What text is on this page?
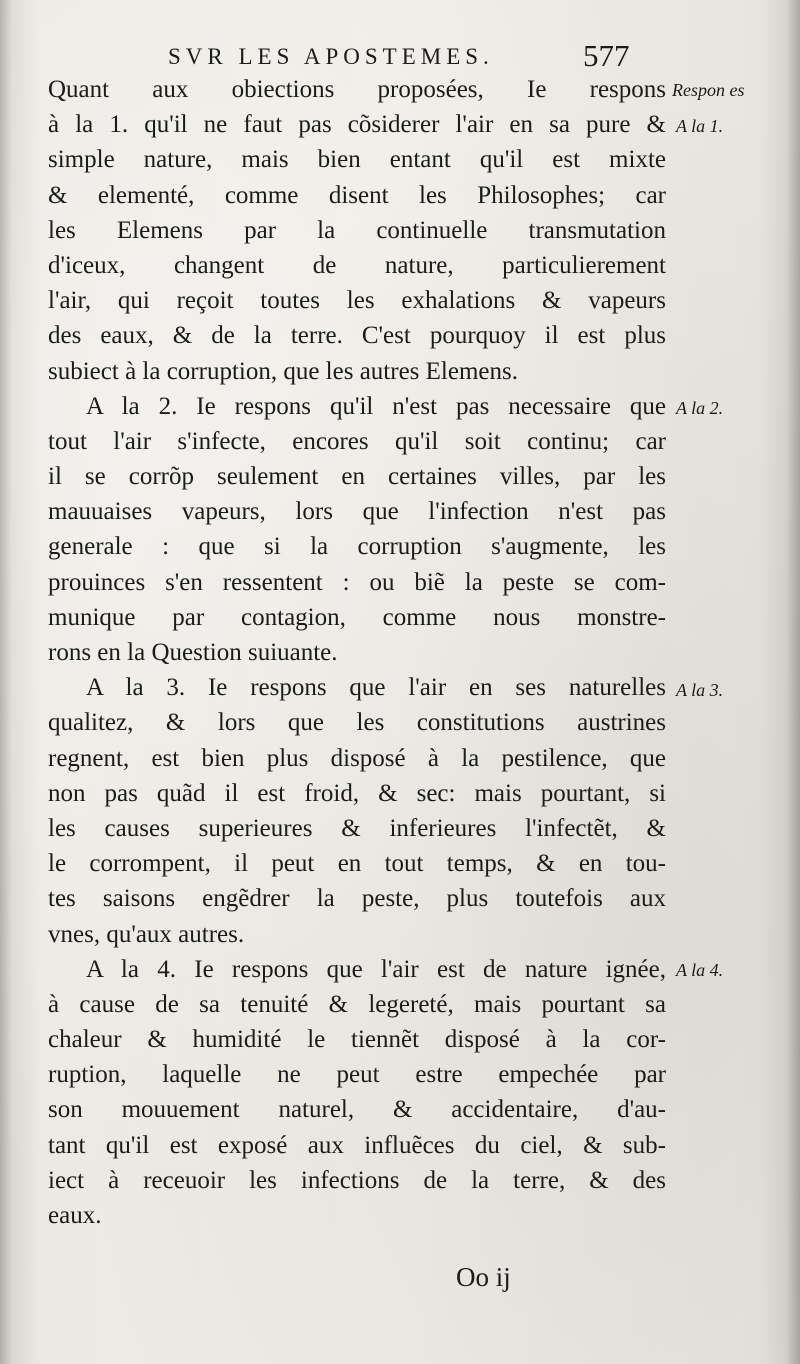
SVR LES APOSTEMES.	577
Quant aux obiections proposées, Ie respons
à la 1. qu'il ne faut pas cõsiderer l'air en sa pure &
simple nature, mais bien entant qu'il est mixte
& elementé, comme disent les Philosophes; car
les Elemens par la continuelle transmutation
d'iceux, changent de nature, particulierement
l'air, qui reçoit toutes les exhalations & vapeurs
des eaux, & de la terre. C'est pourquoy il est plus
subiect à la corruption, que les autres Elemens.
A la 2. Ie respons qu'il n'est pas necessaire que
tout l'air s'infecte, encores qu'il soit continu; car
il se corrõp seulement en certaines villes, par les
mauuaises vapeurs, lors que l'infection n'est pas
generale : que si la corruption s'augmente, les
prouinces s'en ressentent : ou biẽ la peste se com-
munique par contagion, comme nous monstre-
rons en la Question suiuante.
A la 3. Ie respons que l'air en ses naturelles
qualitez, & lors que les constitutions austrines
regnent, est bien plus disposé à la pestilence, que
non pas quãd il est froid, & sec: mais pourtant, si
les causes superieures & inferieures l'infectẽt, &
le corrompent, il peut en tout temps, & en tou-
tes saisons engẽdrer la peste, plus toutefois aux
vnes, qu'aux autres.
A la 4. Ie respons que l'air est de nature ignée,
à cause de sa tenuité & legereté, mais pourtant sa
chaleur & humidité le tiennẽt disposé à la cor-
ruption, laquelle ne peut estre empechée par
son mouuement naturel, & accidentaire, d'au-
tant qu'il est exposé aux influẽces du ciel, & sub-
iect à receuoir les infections de la terre, & des
eaux.
Respon es
A la 1.
A la 2.
A la 3.
A la 4.
Oo ij
